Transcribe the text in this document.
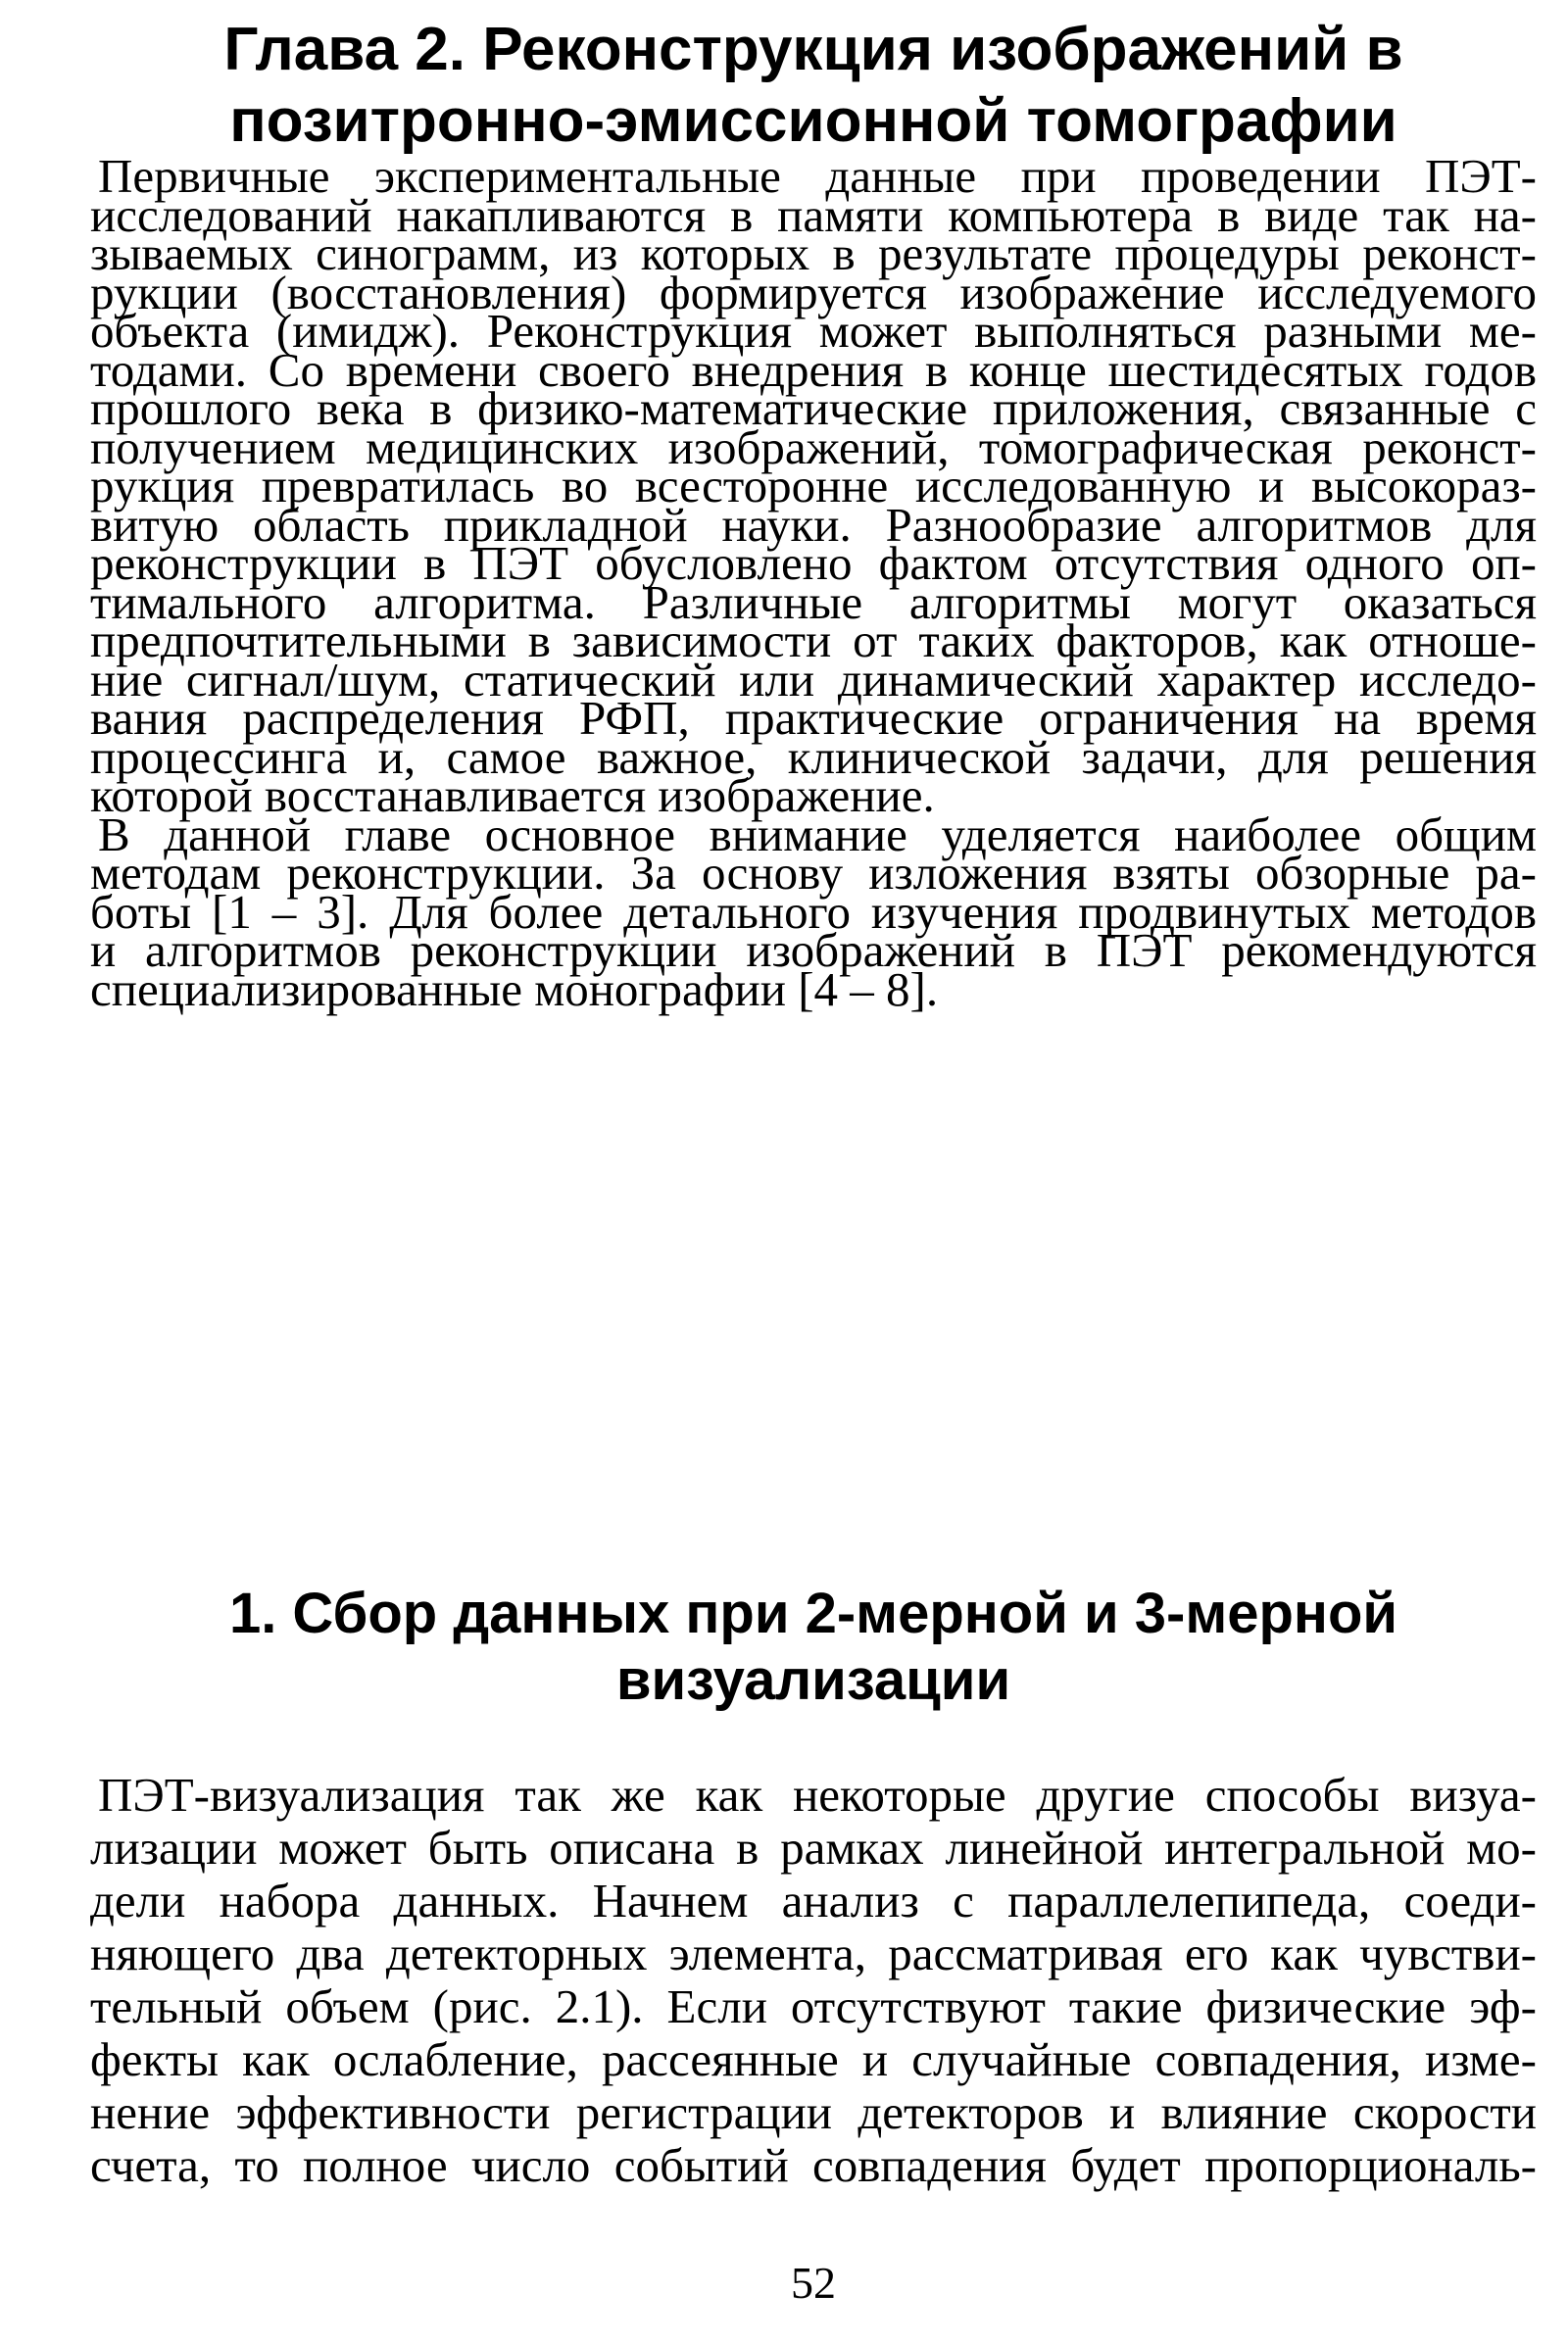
Глава 2. Реконструкция изображений в
позитронно-эмиссионной томографии

Первичные экспериментальные данные при проведении ПЭТ-

исследований накапливаются в памяти компьютера в виде так на-

зываемых синограмм, из которых в результате процедуры реконст-

рукции (восстановления) формируется изображение исследуемого

объекта (имидж). Реконструкция может выполняться разными ме-

тодами. Со времени своего внедрения в конце шестидесятых годов

прошлого века в физико-математические приложения, связанные с

получением медицинских изображений, томографическая реконст-

рукция превратилась во всесторонне исследованную и высокораз-

витую область прикладной науки. Разнообразие алгоритмов для

реконструкции в ПЭТ обусловлено фактом отсутствия одного оп-

тимального алгоритма. Различные алгоритмы могут оказаться

предпочтительными в зависимости от таких факторов, как отноше-

ние сигнал/шум, статический или динамический характер исследо-

вания распределения РФП, практические ограничения на время

процессинга и, самое важное, клинической задачи, для решения

которой восстанавливается изображение.

В данной главе основное внимание уделяется наиболее общим

методам реконструкции. За основу изложения взяты обзорные ра-

боты [1 – 3]. Для более детального изучения продвинутых методов

и алгоритмов реконструкции изображений в ПЭТ рекомендуются

специализированные монографии [4 – 8].

1. Сбор данных при 2-мерной и 3-мерной
визуализации

ПЭТ-визуализация так же как некоторые другие способы визуа-

лизации может быть описана в рамках линейной интегральной мо-

дели набора данных. Начнем анализ с параллелепипеда, соеди-

няющего два детекторных элемента, рассматривая его как чувстви-

тельный объем (рис. 2.1). Если отсутствуют такие физические эф-

фекты как ослабление, рассеянные и случайные совпадения, изме-

нение эффективности регистрации детекторов и влияние скорости

счета, то полное число событий совпадения будет пропорциональ-

52
